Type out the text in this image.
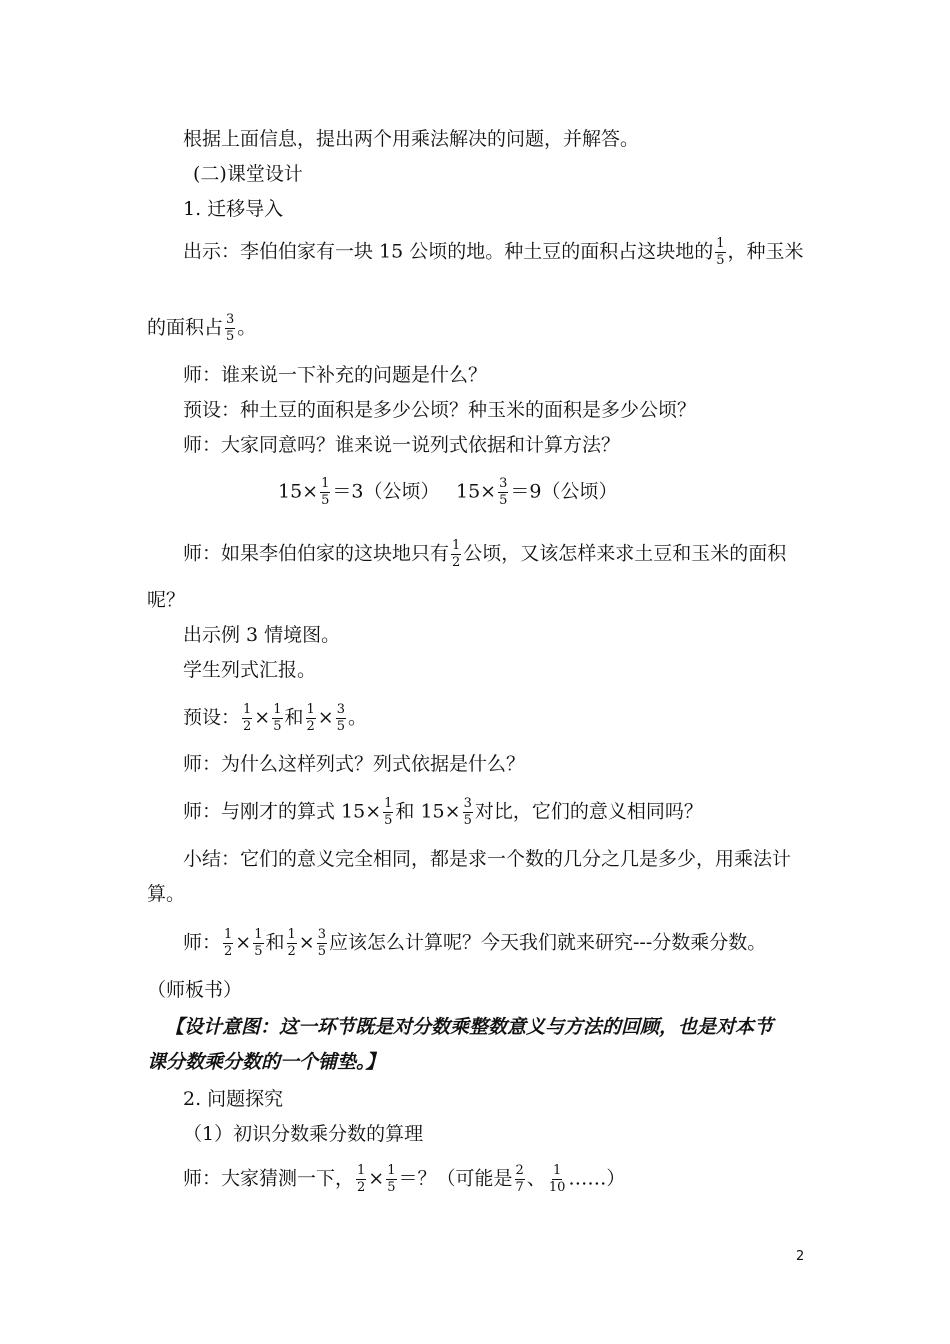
根据上面信息，提出两个用乘法解决的问题，并解答。
(二)课堂设计
1. 迁移导入
出示：李伯伯家有一块 15 公顷的地。种土豆的面积占这块地的 $\frac{1}{5}$ ，种玉米
的面积占 $\frac{3}{5}$ 。
师：谁来说一下补充的问题是什么？
预设：种土豆的面积是多少公顷？种玉米的面积是多少公顷？
师：大家同意吗？谁来说一说列式依据和计算方法？
$15\times \frac{1}{5} =3$（公顷） $15\times \frac{3}{5} =9$（公顷）
师：如果李伯伯家的这块地只有 $\frac{1}{2}$ 公顷，又该怎样来求土豆和玉米的面积
呢？
出示例 3 情境图。
学生列式汇报。
预设： $\frac{1}{2} \times \frac{1}{5}$ 和 $\frac{1}{2} \times \frac{3}{5}$ 。
师：为什么这样列式？列式依据是什么？
师：与刚才的算式 $15\times \frac{1}{5}$ 和 $15\times \frac{3}{5}$ 对比，它们的意义相同吗？
小结：它们的意义完全相同，都是求一个数的几分之几是多少，用乘法计
算。
师： $\frac{1}{2} \times \frac{1}{5}$ 和 $\frac{1}{2} \times \frac{3}{5}$ 应该怎么计算呢？今天我们就来研究---分数乘分数。
（师板书）
【设计意图：这一环节既是对分数乘整数意义与方法的回顾，也是对本节
课分数乘分数的一个铺垫。】
2. 问题探究
（1）初识分数乘分数的算理
师：大家猜测一下， $\frac{1}{2} \times \frac{1}{5}$ ＝？（可能是 $\frac{2}{7}$ 、 $\frac{1}{10}$ ……）
2
